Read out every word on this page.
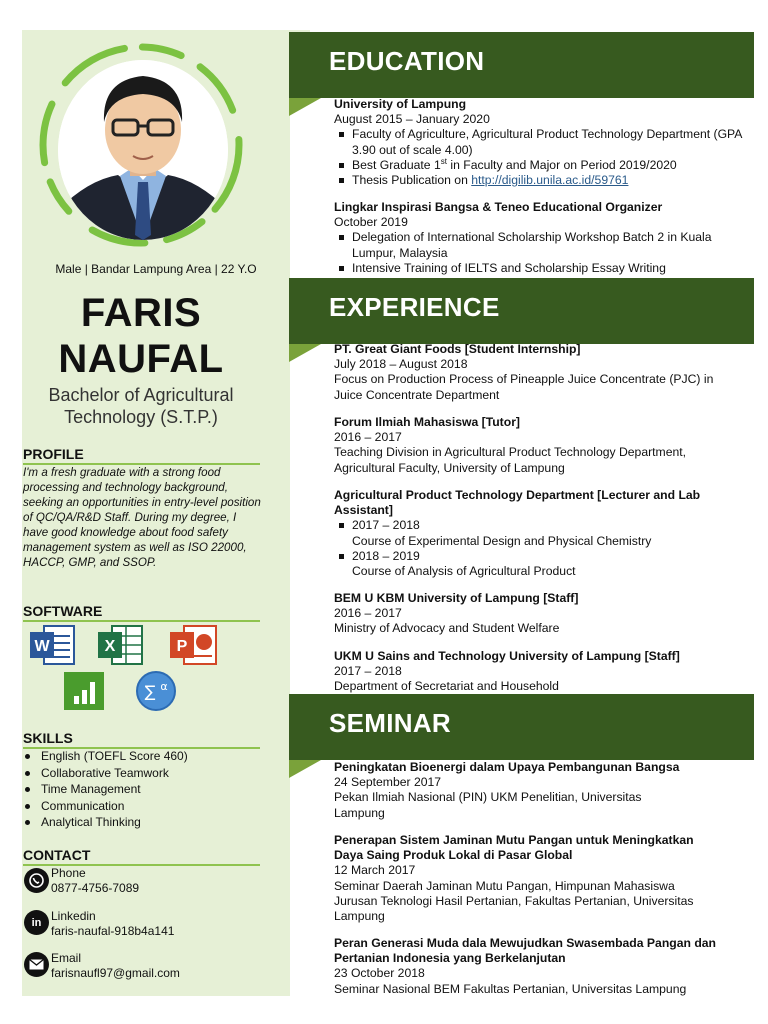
Male | Bandar Lampung Area | 22 Y.O
FARIS
NAUFAL
Bachelor of Agricultural
Technology (S.T.P.)
PROFILE
I'm a fresh graduate with a strong food processing and technology background, seeking an opportunities in entry-level position of QC/QA/R&D Staff. During my degree, I have good knowledge about food safety management system as well as ISO 22000, HACCP, GMP, and SSOP.
SOFTWARE
W	X	P
∑ α
SKILLS
English (TOEFL Score 460)
Collaborative Teamwork
Time Management
Communication
Analytical Thinking
CONTACT
Phone
0877-4756-7089
in Linkedin
faris-naufal-918b4a141
Email
farisnaufl97@gmail.com
EDUCATION
University of Lampung
August 2015 – January 2020
Faculty of Agriculture, Agricultural Product Technology Department (GPA 3.90 out of scale 4.00)
Best Graduate 1st in Faculty and Major on Period 2019/2020
Thesis Publication on http://digilib.unila.ac.id/59761
Lingkar Inspirasi Bangsa & Teneo Educational Organizer
October 2019
Delegation of International Scholarship Workshop Batch 2 in Kuala Lumpur, Malaysia
Intensive Training of IELTS and Scholarship Essay Writing
EXPERIENCE
PT. Great Giant Foods [Student Internship]
July 2018 – August 2018
Focus on Production Process of Pineapple Juice Concentrate (PJC) in Juice Concentrate Department
Forum Ilmiah Mahasiswa [Tutor]
2016 – 2017
Teaching Division in Agricultural Product Technology Department, Agricultural Faculty, University of Lampung
Agricultural Product Technology Department [Lecturer and Lab Assistant]
2017 – 2018
Course of Experimental Design and Physical Chemistry
2018 – 2019
Course of Analysis of Agricultural Product
BEM U KBM University of Lampung [Staff]
2016 – 2017
Ministry of Advocacy and Student Welfare
UKM U Sains and Technology University of Lampung [Staff]
2017 – 2018
Department of Secretariat and Household
SEMINAR
Peningkatan Bioenergi dalam Upaya Pembangunan Bangsa
24 September 2017
Pekan Ilmiah Nasional (PIN) UKM Penelitian, Universitas Lampung
Penerapan Sistem Jaminan Mutu Pangan untuk Meningkatkan Daya Saing Produk Lokal di Pasar Global
12 March 2017
Seminar Daerah Jaminan Mutu Pangan, Himpunan Mahasiswa Jurusan Teknologi Hasil Pertanian, Fakultas Pertanian, Universitas Lampung
Peran Generasi Muda dala Mewujudkan Swasembada Pangan dan Pertanian Indonesia yang Berkelanjutan
23 October 2018
Seminar Nasional BEM Fakultas Pertanian, Universitas Lampung
